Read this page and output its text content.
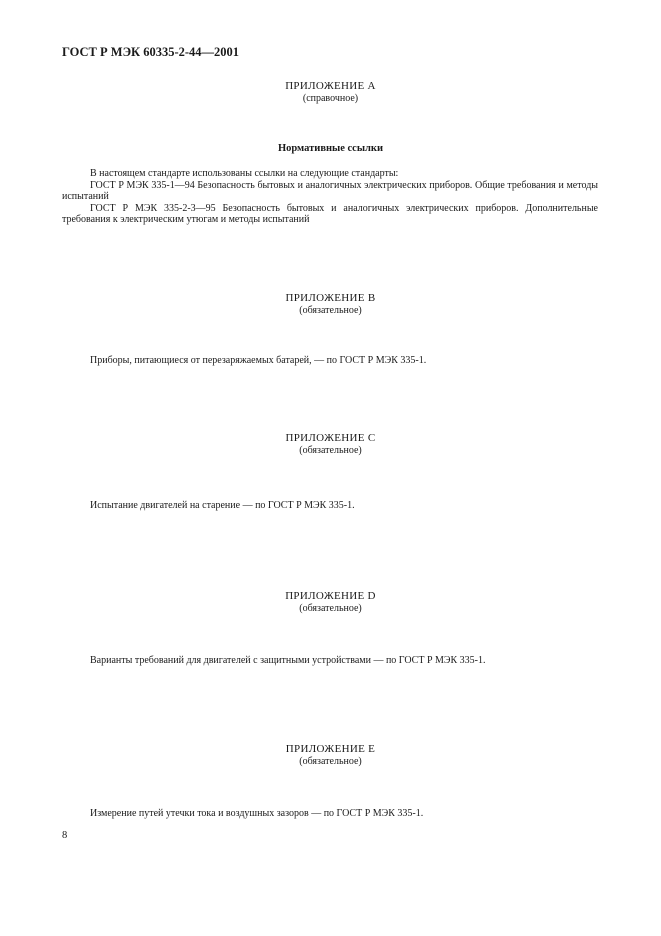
ГОСТ Р МЭК 60335-2-44—2001
ПРИЛОЖЕНИЕ А
(справочное)
Нормативные ссылки

В настоящем стандарте использованы ссылки на следующие стандарты:

ГОСТ Р МЭК 335-1—94 Безопасность бытовых и аналогичных электрических приборов. Общие требования и методы испытаний

ГОСТ Р МЭК 335-2-3—95 Безопасность бытовых и аналогичных электрических приборов. Дополнительные требования к электрическим утюгам и методы испытаний

ПРИЛОЖЕНИЕ В
(обязательное)
Приборы, питающиеся от перезаряжаемых батарей, — по ГОСТ Р МЭК 335-1.
ПРИЛОЖЕНИЕ С
(обязательное)
Испытание двигателей на старение — по ГОСТ Р МЭК 335-1.
ПРИЛОЖЕНИЕ D
(обязательное)
Варианты требований для двигателей с защитными устройствами — по ГОСТ Р МЭК 335-1.
ПРИЛОЖЕНИЕ Е
(обязательное)
Измерение путей утечки тока и воздушных зазоров — по ГОСТ Р МЭК 335-1.
8
